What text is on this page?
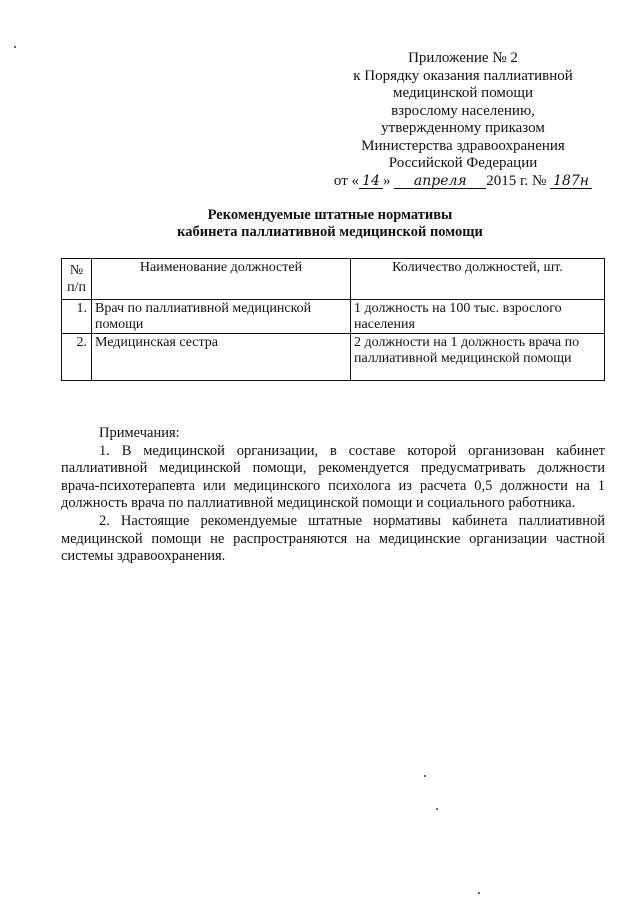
Приложение № 2
к Порядку оказания паллиативной
медицинской помощи
взрослому населению,
утвержденному приказом
Министерства здравоохранения
Российской Федерации
от « 14 » апреля 2015 г. № 187н
Рекомендуемые штатные нормативы
кабинета паллиативной медицинской помощи
№ п/п	Наименование должностей	Количество должностей, шт.
1.	Врач по паллиативной медицинской помощи	1 должность на 100 тыс. взрослого населения
2.	Медицинская сестра	2 должности на 1 должность врача по паллиативной медицинской помощи
Примечания:

1. В медицинской организации, в составе которой организован кабинет паллиативной медицинской помощи, рекомендуется предусматривать должности врача-психотерапевта или медицинского психолога из расчета 0,5 должности на 1 должность врача по паллиативной медицинской помощи и социального работника.

2. Настоящие рекомендуемые штатные нормативы кабинета паллиативной медицинской помощи не распространяются на медицинские организации частной системы здравоохранения.
